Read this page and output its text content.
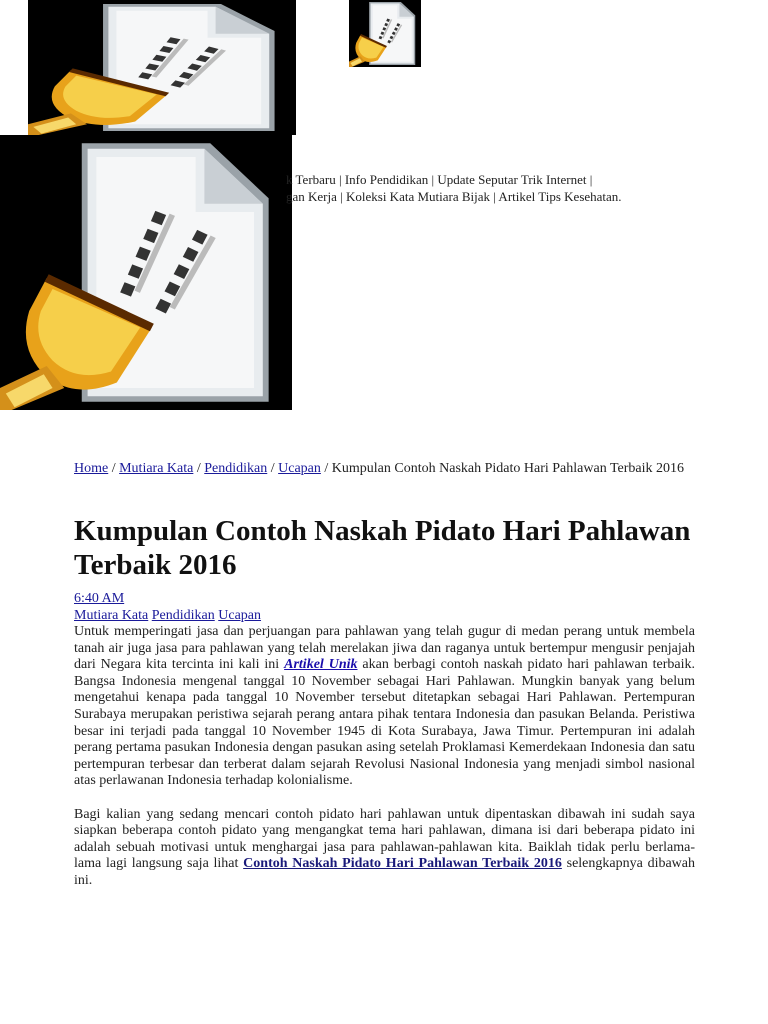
k Terbaru | Info Pendidikan | Update Seputar Trik Internet |
gan Kerja | Koleksi Kata Mutiara Bijak | Artikel Tips Kesehatan.
Home / Mutiara Kata / Pendidikan / Ucapan / Kumpulan Contoh Naskah Pidato Hari Pahlawan Terbaik 2016
Kumpulan Contoh Naskah Pidato Hari Pahlawan Terbaik 2016
6:40 AM
Mutiara Kata Pendidikan Ucapan

Untuk memperingati jasa dan perjuangan para pahlawan yang telah gugur di medan perang untuk membela tanah air juga jasa para pahlawan yang telah merelakan jiwa dan raganya untuk bertempur mengusir penjajah dari Negara kita tercinta ini kali ini Artikel Unik akan berbagi contoh naskah pidato hari pahlawan terbaik. Bangsa Indonesia mengenal tanggal 10 November sebagai Hari Pahlawan. Mungkin banyak yang belum mengetahui kenapa pada tanggal 10 November tersebut ditetapkan sebagai Hari Pahlawan. Pertempuran Surabaya merupakan peristiwa sejarah perang antara pihak tentara Indonesia dan pasukan Belanda. Peristiwa besar ini terjadi pada tanggal 10 November 1945 di Kota Surabaya, Jawa Timur. Pertempuran ini adalah perang pertama pasukan Indonesia dengan pasukan asing setelah Proklamasi Kemerdekaan Indonesia dan satu pertempuran terbesar dan terberat dalam sejarah Revolusi Nasional Indonesia yang menjadi simbol nasional atas perlawanan Indonesia terhadap kolonialisme.

Bagi kalian yang sedang mencari contoh pidato hari pahlawan untuk dipentaskan dibawah ini sudah saya siapkan beberapa contoh pidato yang mengangkat tema hari pahlawan, dimana isi dari beberapa pidato ini adalah sebuah motivasi untuk menghargai jasa para pahlawan-pahlawan kita. Baiklah tidak perlu berlama-lama lagi langsung saja lihat Contoh Naskah Pidato Hari Pahlawan Terbaik 2016 selengkapnya dibawah ini.
